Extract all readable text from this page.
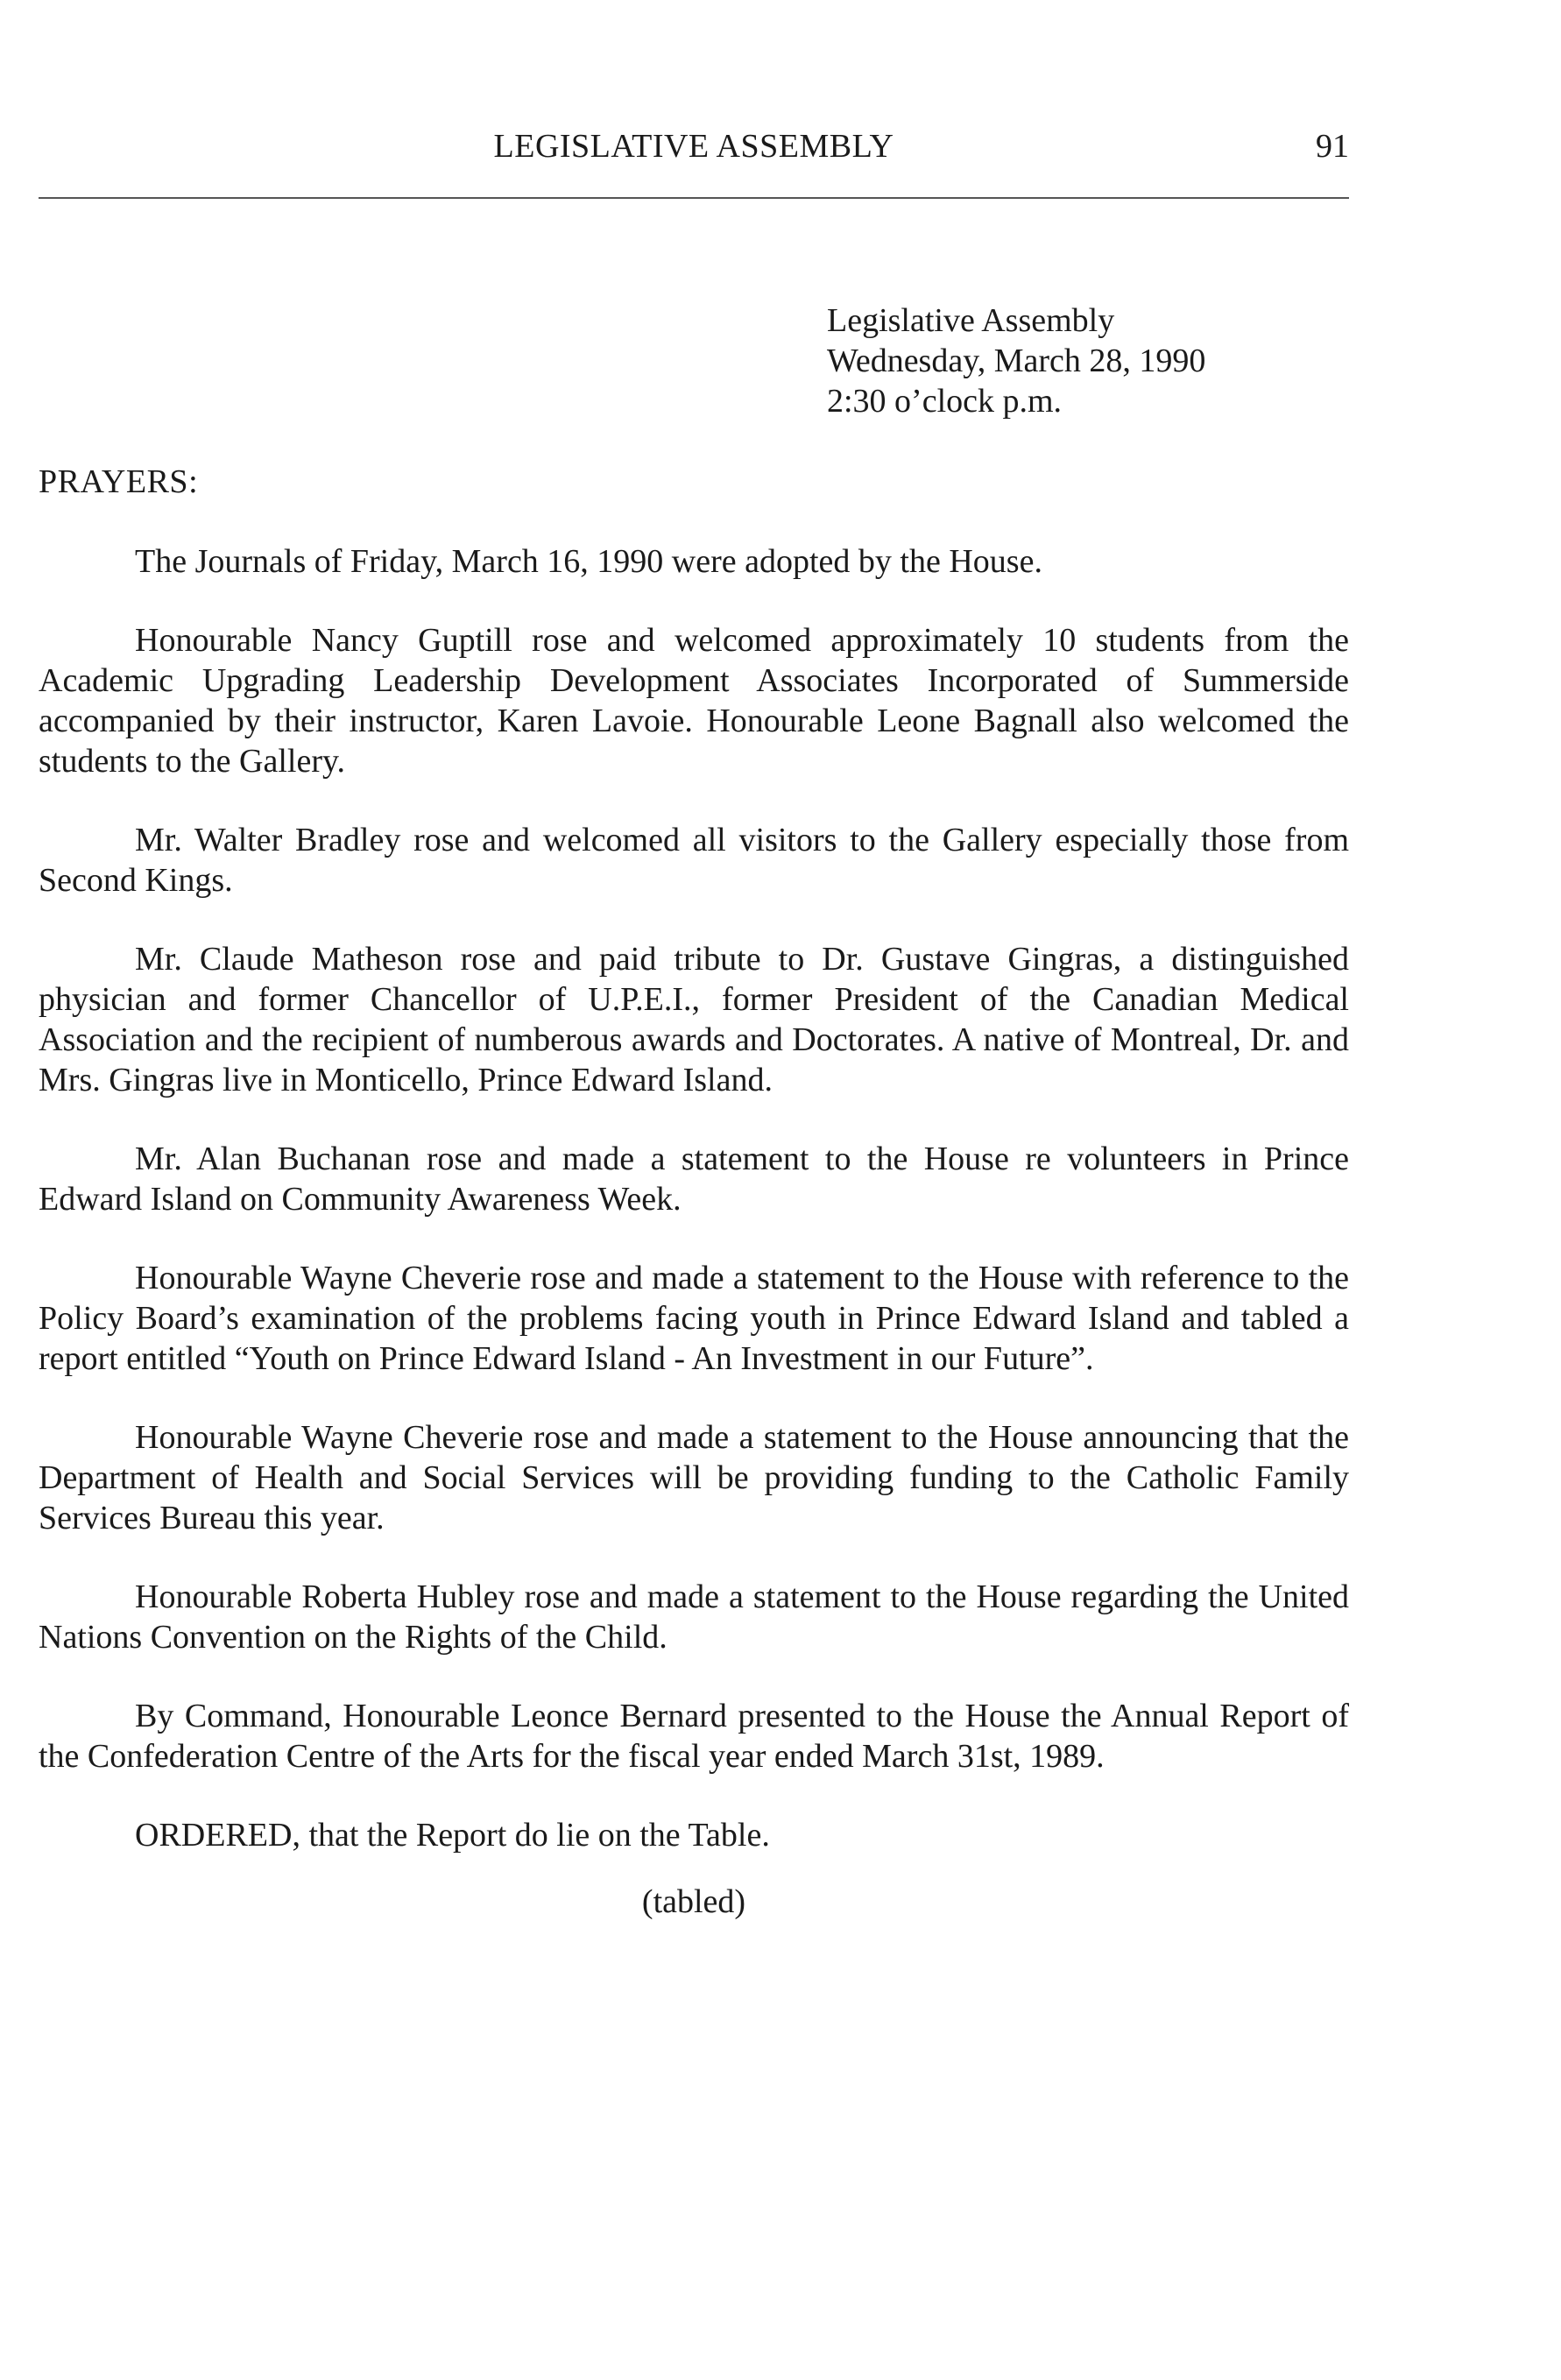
LEGISLATIVE ASSEMBLY	91
Legislative Assembly
Wednesday, March 28, 1990
2:30 o’clock p.m.
PRAYERS:

The Journals of Friday, March 16, 1990 were adopted by the House.

Honourable Nancy Guptill rose and welcomed approximately 10 students from the Academic Upgrading Leadership Development Associates Incorporated of Summerside accompanied by their instructor, Karen Lavoie. Honourable Leone Bagnall also welcomed the students to the Gallery.

Mr. Walter Bradley rose and welcomed all visitors to the Gallery especially those from Second Kings.

Mr. Claude Matheson rose and paid tribute to Dr. Gustave Gingras, a distinguished physician and former Chancellor of U.P.E.I., former President of the Canadian Medical Association and the recipient of numberous awards and Doctorates. A native of Montreal, Dr. and Mrs. Gingras live in Monticello, Prince Edward Island.

Mr. Alan Buchanan rose and made a statement to the House re volunteers in Prince Edward Island on Community Awareness Week.

Honourable Wayne Cheverie rose and made a statement to the House with reference to the Policy Board’s examination of the problems facing youth in Prince Edward Island and tabled a report entitled “Youth on Prince Edward Island - An Investment in our Future”.

Honourable Wayne Cheverie rose and made a statement to the House announcing that the Department of Health and Social Services will be providing funding to the Catholic Family Services Bureau this year.

Honourable Roberta Hubley rose and made a statement to the House regarding the United Nations Convention on the Rights of the Child.

By Command, Honourable Leonce Bernard presented to the House the Annual Report of the Confederation Centre of the Arts for the fiscal year ended March 31st, 1989.

ORDERED, that the Report do lie on the Table.

(tabled)
